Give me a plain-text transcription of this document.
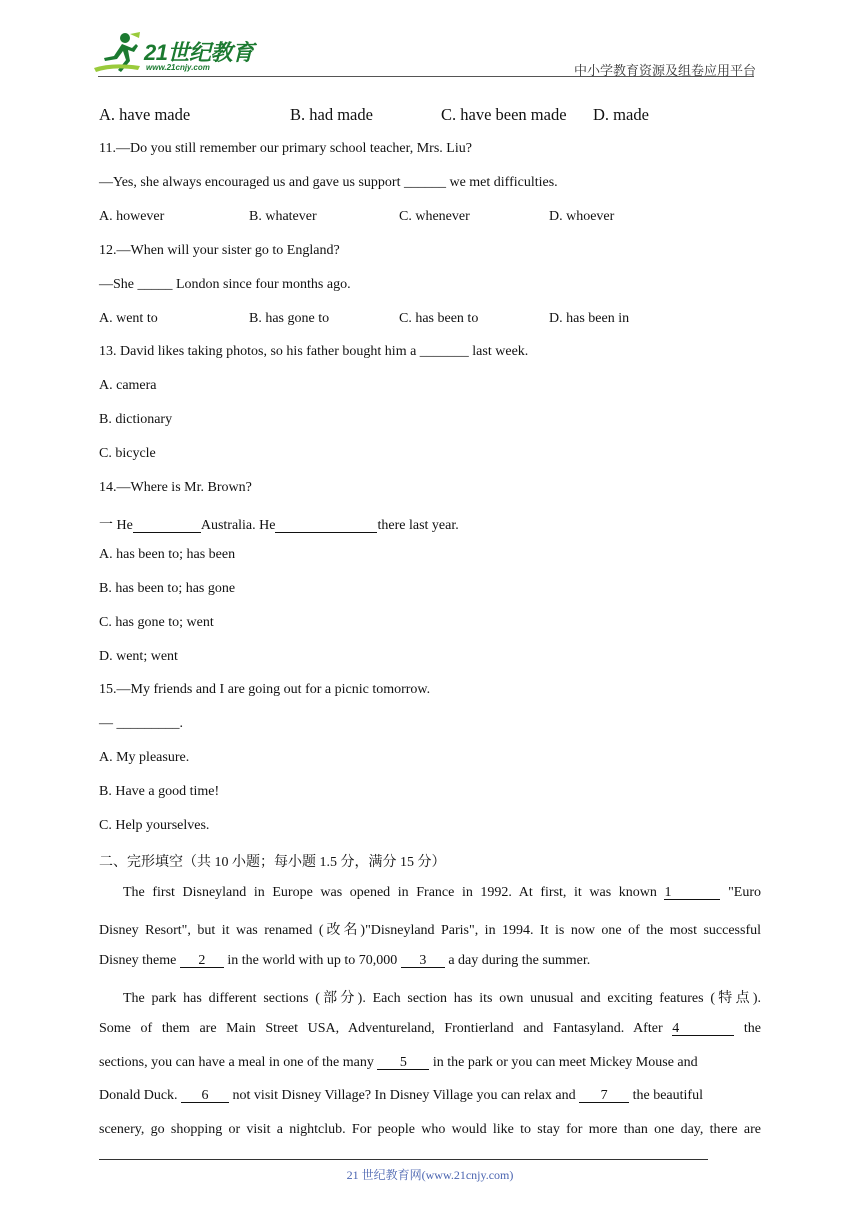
21世纪教育
www.21cnjy.com	中小学教育资源及组卷应用平台
A. have made	B. had made	C. have been made D. made
11.—Do you still remember our primary school teacher, Mrs. Liu?
—Yes, she always encouraged us and gave us support ______ we met difficulties.
A. however	B. whatever	C. whenever	D. whoever
12.—When will your sister go to England?
—She _____ London since four months ago.
A. went to	B. has gone to	C. has been to	D. has been in
13. David likes taking photos, so his father bought him a _______ last week.
A. camera
B. dictionary
C. bicycle
14.—Where is Mr. Brown?
一 He	Australia. He	there last year.
A. has been to; has been
B. has been to; has gone
C. has gone to; went
D. went; went
15.—My friends and I are going out for a picnic tomorrow.
— _________.
A. My pleasure.
B. Have a good time!
C. Help yourselves.
二、完形填空（共 10 小题；每小题 1.5 分，满分 15 分）
The first Disneyland in Europe was opened in France in 1992. At first, it was known 1	"Euro
Disney Resort", but it was renamed (改名)"Disneyland Paris", in 1994. It is now one of the most successful
Disney theme 2 in the world with up to 70,000 3 a day during the summer.
The park has different sections (部分). Each section has its own unusual and exciting features (特点).
Some of them are Main Street USA, Adventureland, Frontierland and Fantasyland. After 4	the
sections, you can have a meal in one of the many 5 in the park or you can meet Mickey Mouse and
Donald Duck. 6 not visit Disney Village? In Disney Village you can relax and 7 the beautiful
scenery, go shopping or visit a nightclub. For people who would like to stay for more than one day, there are
21 世纪教育网(www.21cnjy.com)
